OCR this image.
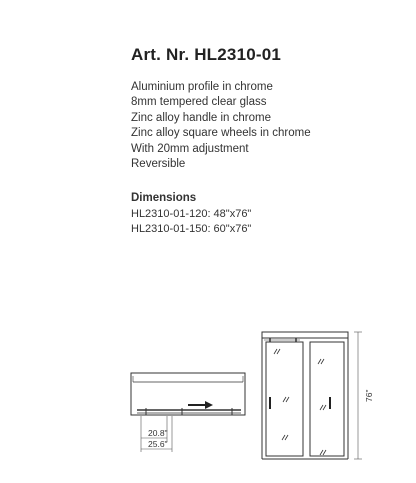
Art. Nr. HL2310-01
Aluminium profile in chrome
8mm tempered clear glass
Zinc alloy handle in chrome
Zinc alloy square wheels in chrome
With 20mm adjustment
Reversible
Dimensions
HL2310-01-120: 48"x76"
HL2310-01-150: 60"x76"
20.8"
25.6"
76"
